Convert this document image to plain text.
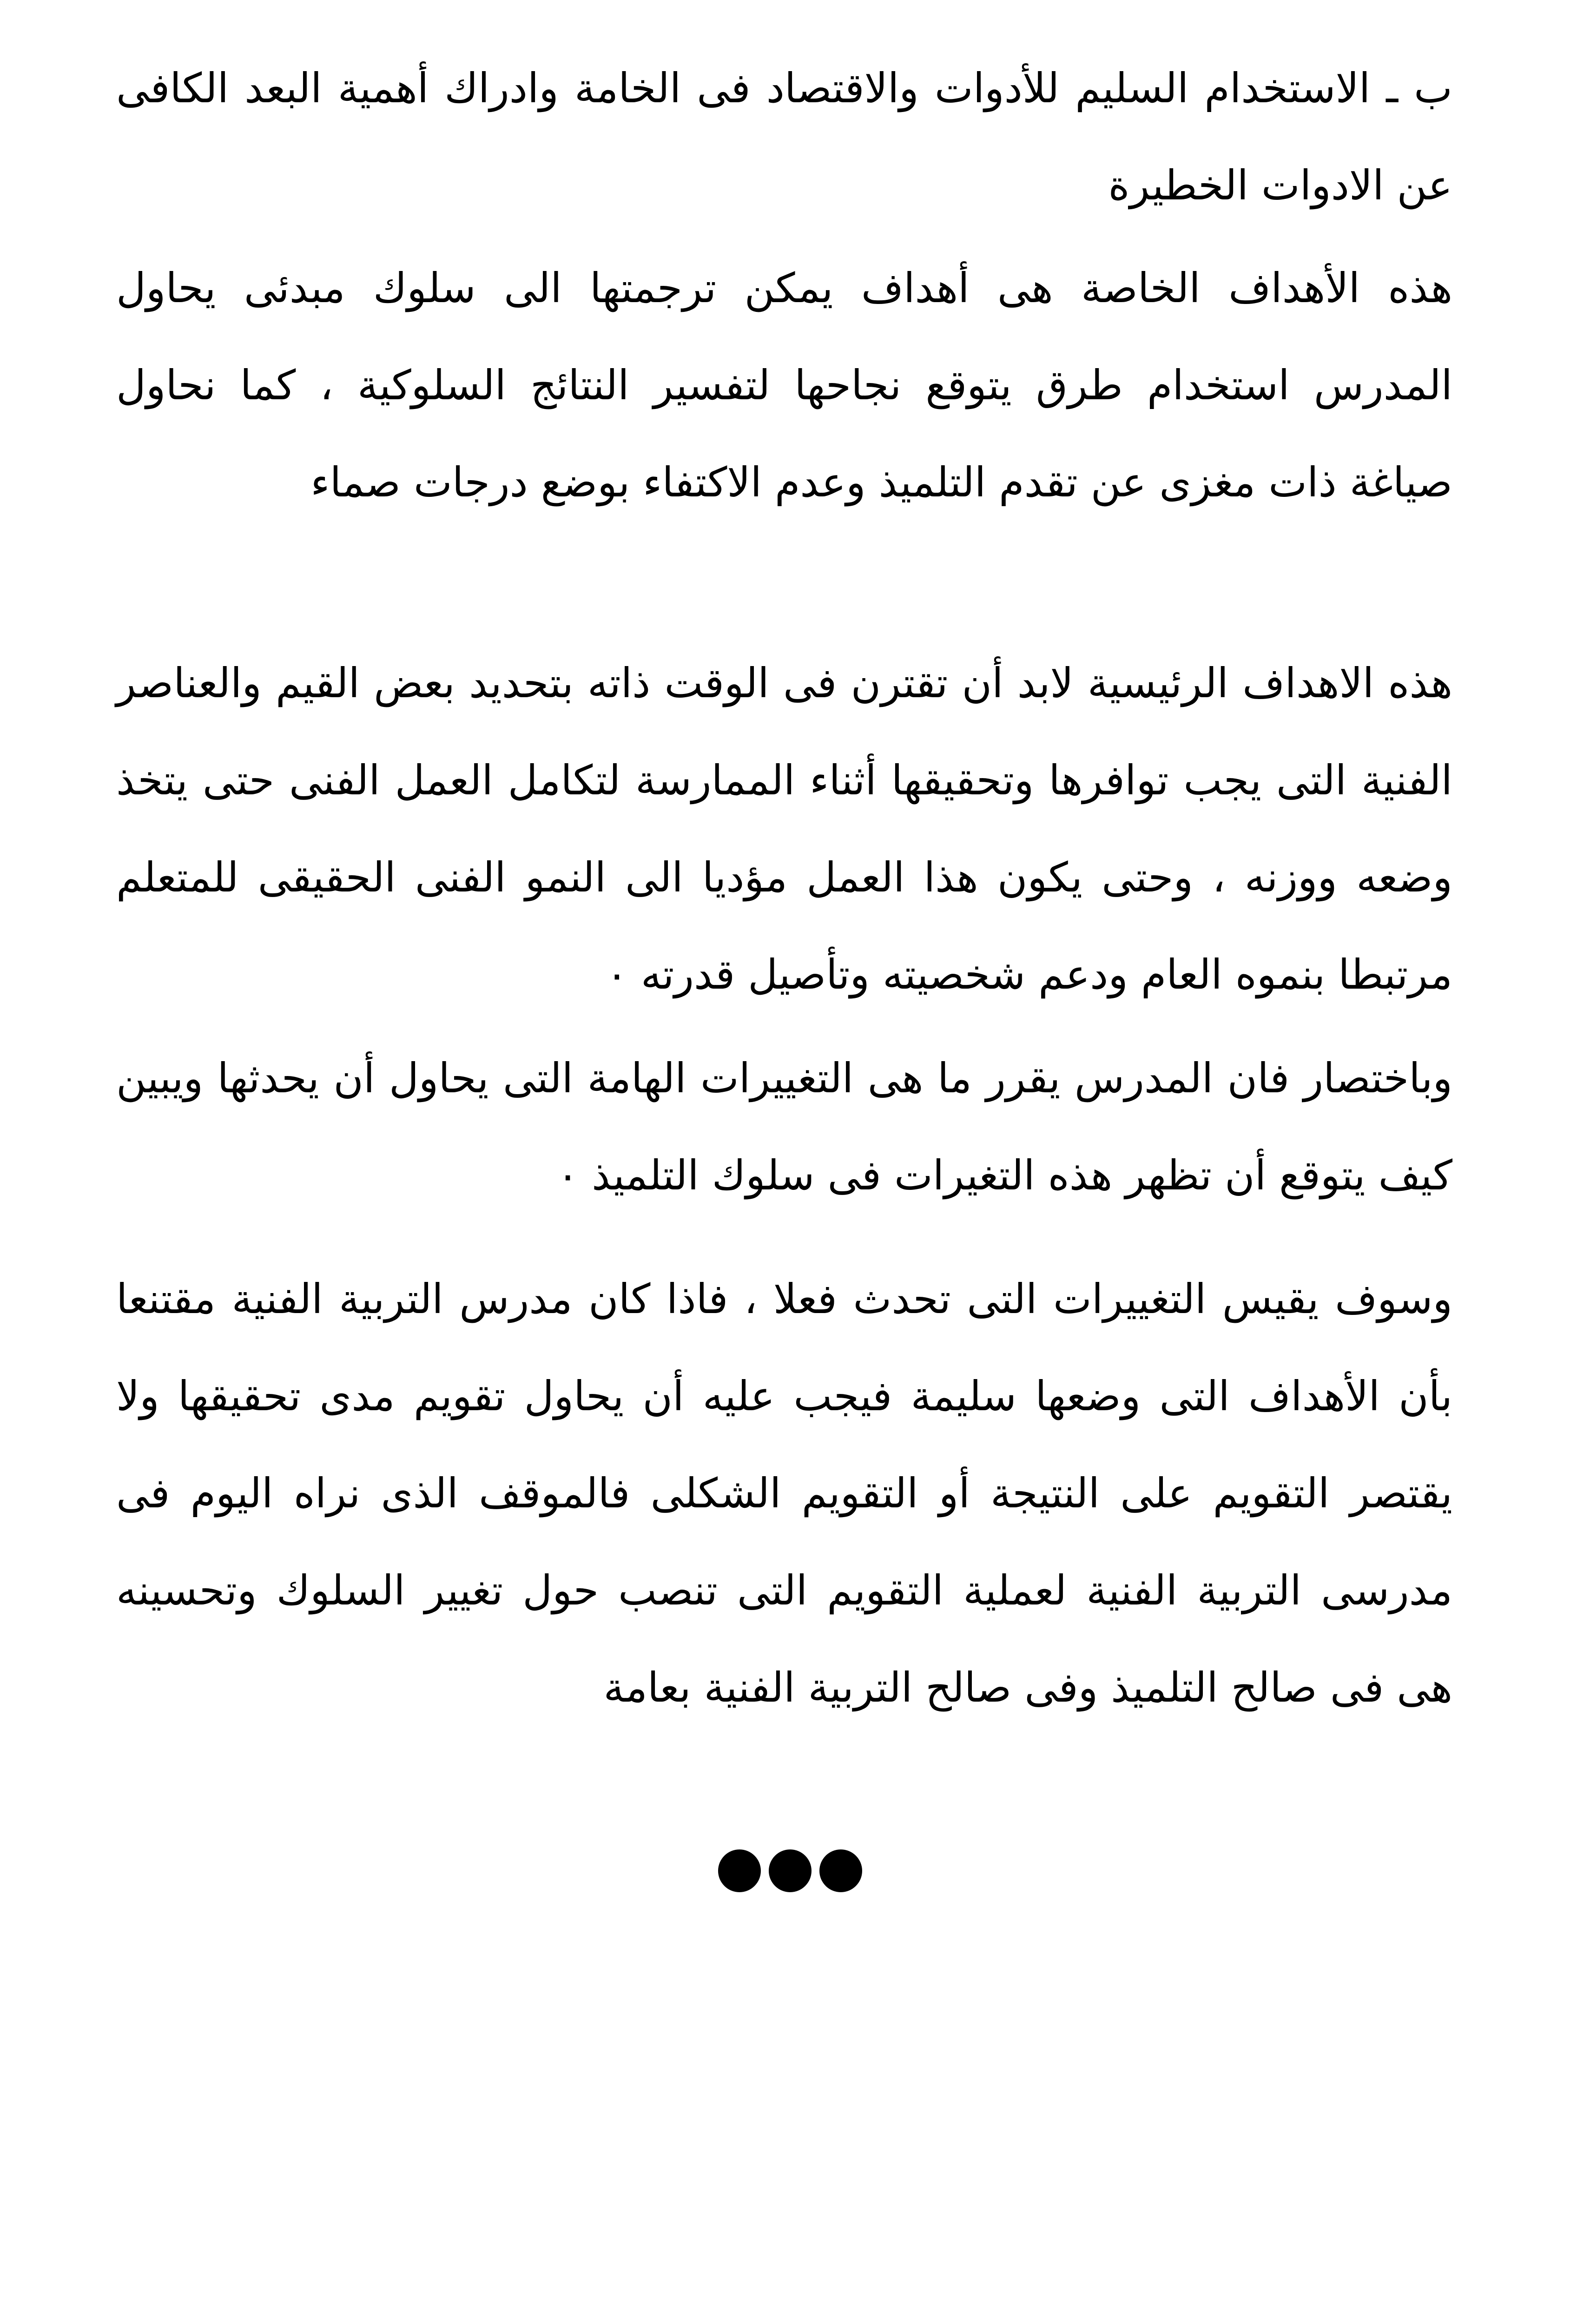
ب ـ الاستخدام السليم للأدوات والاقتصاد فى الخامة وادراك أهمية البعد الكافى عن الادوات الخطيرة

هذه الأهداف الخاصة هى أهداف يمكن ترجمتها الى سلوك مبدئى يحاول المدرس استخدام طرق يتوقع نجاحها لتفسير النتائج السلوكية ، كما نحاول صياغة ذات مغزى عن تقدم التلميذ وعدم الاكتفاء بوضع درجات صماء

هذه الاهداف الرئيسية لابد أن تقترن فى الوقت ذاته بتحديد بعض القيم والعناصر الفنية التى يجب توافرها وتحقيقها أثناء الممارسة لتكامل العمل الفنى حتى يتخذ وضعه ووزنه ، وحتى يكون هذا العمل مؤديا الى النمو الفنى الحقيقى للمتعلم مرتبطا بنموه العام ودعم شخصيته وتأصيل قدرته ٠

وباختصار فان المدرس يقرر ما هى التغييرات الهامة التى يحاول أن يحدثها ويبين كيف يتوقع أن تظهر هذه التغيرات فى سلوك التلميذ ٠

وسوف يقيس التغييرات التى تحدث فعلا ، فاذا كان مدرس التربية الفنية مقتنعا بأن الأهداف التى وضعها سليمة فيجب عليه أن يحاول تقويم مدى تحقيقها ولا يقتصر التقويم على النتيجة أو التقويم الشكلى فالموقف الذى نراه اليوم فى مدرسى التربية الفنية لعملية التقويم التى تنصب حول تغيير السلوك وتحسينه هى فى صالح التلميذ وفى صالح التربية الفنية بعامة
